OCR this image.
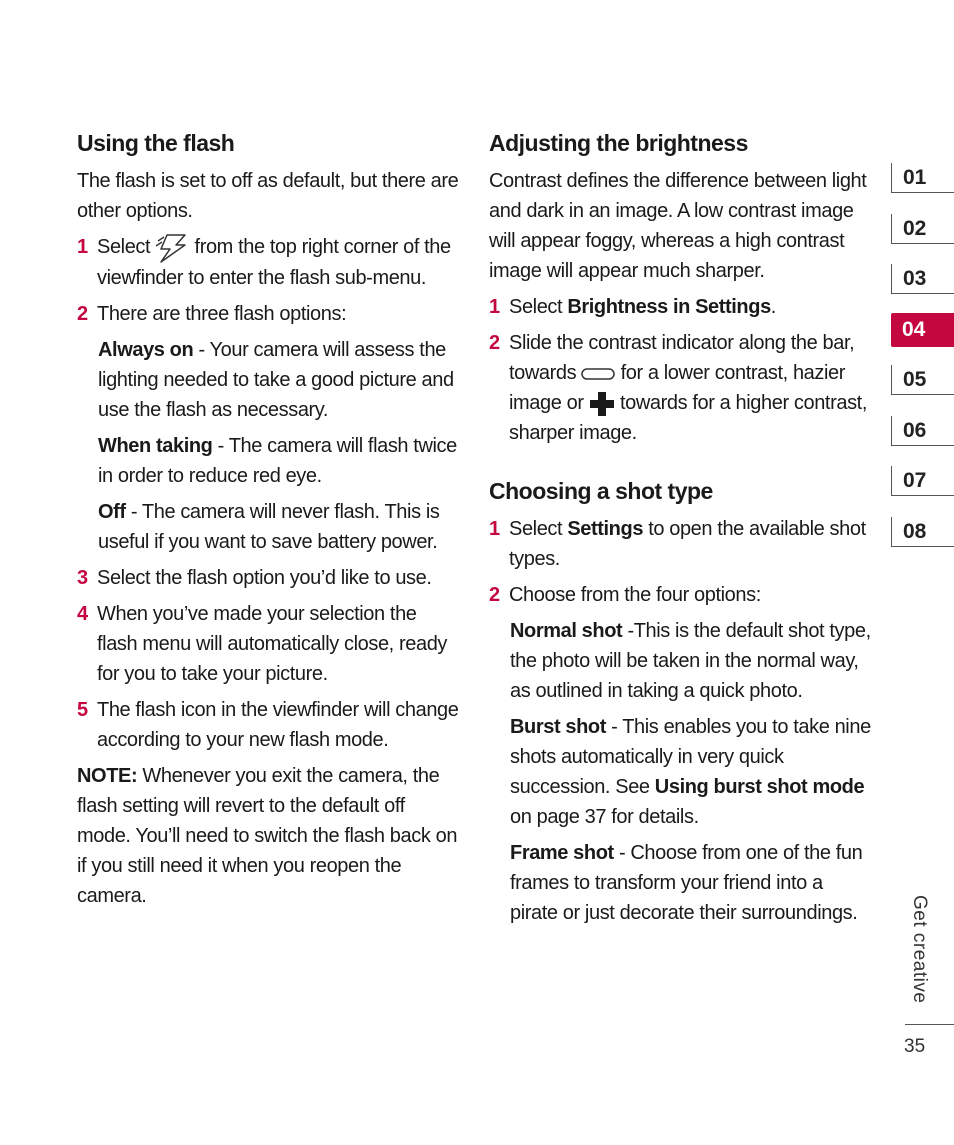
Using the flash

The flash is set to off as default, but there are other options.

1 Select from the top right corner of the viewfinder to enter the flash sub-menu.
2 There are three flash options:

Always on - Your camera will assess the lighting needed to take a good picture and use the flash as necessary.

When taking - The camera will flash twice in order to reduce red eye.

Off - The camera will never flash. This is useful if you want to save battery power.

3 Select the flash option you’d like to use.
4 When you’ve made your selection the flash menu will automatically close, ready for you to take your picture.
5 The flash icon in the viewfinder will change according to your new flash mode.

NOTE: Whenever you exit the camera, the flash setting will revert to the default off mode. You’ll need to switch the flash back on if you still need it when you reopen the camera.

Adjusting the brightness

Contrast defines the difference between light and dark in an image. A low contrast image will appear foggy, whereas a high contrast image will appear much sharper.

1 Select Brightness in Settings.
2 Slide the contrast indicator along the bar, towards for a lower contrast, hazier image or towards for a higher contrast, sharper image.
Choosing a shot type
1 Select Settings to open the available shot types.
2 Choose from the four options:

Normal shot -This is the default shot type, the photo will be taken in the normal way, as outlined in taking a quick photo.

Burst shot - This enables you to take nine shots automatically in very quick succession. See Using burst shot mode on page 37 for details.

Frame shot - Choose from one of the fun frames to transform your friend into a pirate or just decorate their surroundings.

01
02
03
04
05
06
07
08
Get creative
35
